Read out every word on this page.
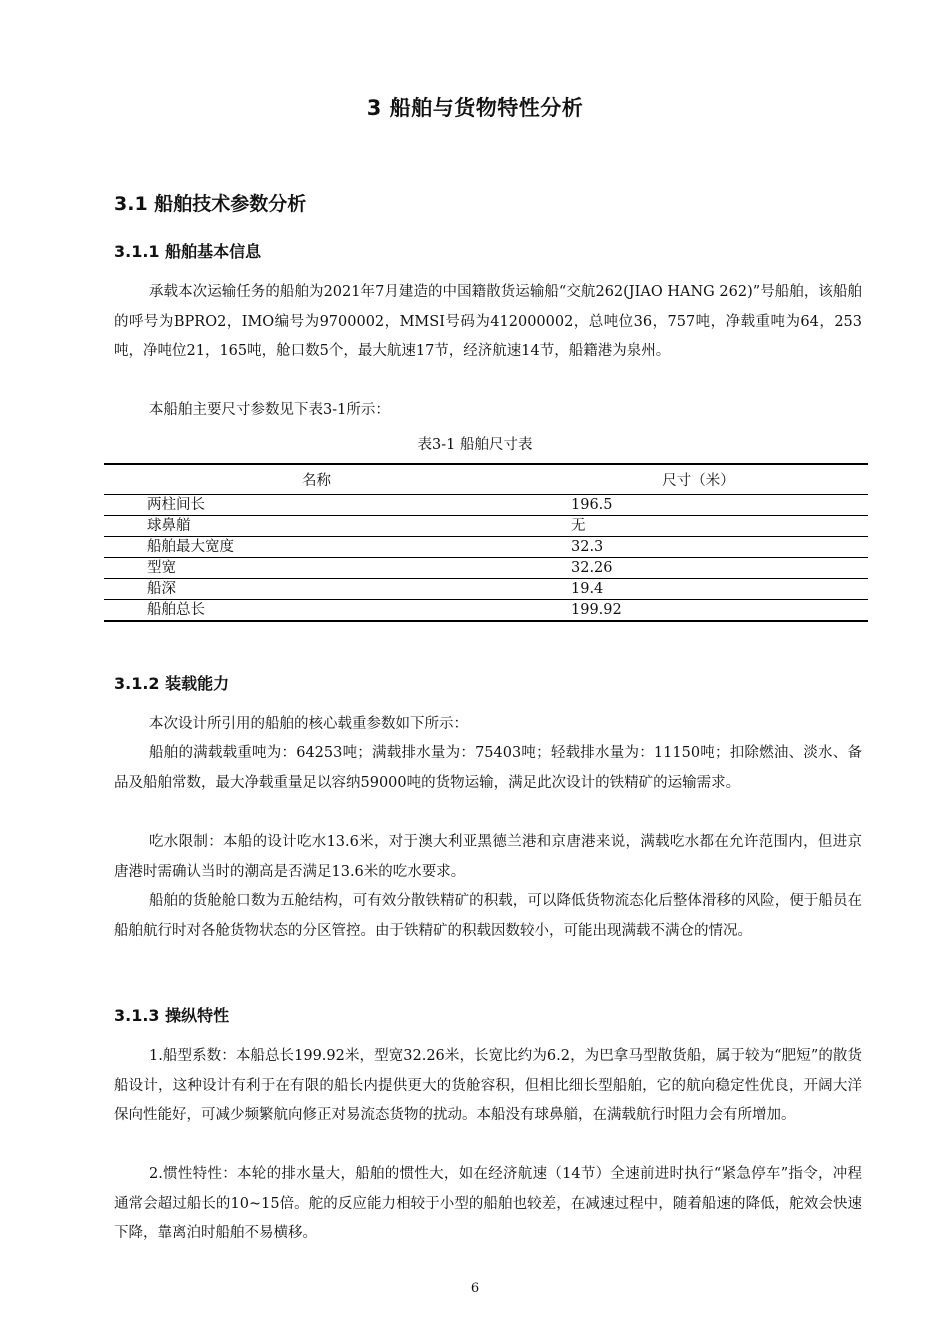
3 船舶与货物特性分析
3.1 船舶技术参数分析
3.1.1 船舶基本信息

承载本次运输任务的船舶为2021年7月建造的中国籍散货运输船“交航262(JIAO HANG 262)”号船舶，该船舶的呼号为BPRO2，IMO编号为9700002，MMSI号码为412000002，总吨位36，757吨，净载重吨为64，253吨，净吨位21，165吨，舱口数5个，最大航速17节，经济航速14节，船籍港为泉州。

本船舶主要尺寸参数见下表3-1所示：

表3-1 船舶尺寸表

名称	尺寸（米）
两柱间长	196.5
球鼻艏	无
船舶最大宽度	32.3
型宽	32.26
船深	19.4
船舶总长	199.92
3.1.2 装载能力

本次设计所引用的船舶的核心载重参数如下所示：

船舶的满载载重吨为：64253吨；满载排水量为：75403吨；轻载排水量为：11150吨；扣除燃油、淡水、备品及船舶常数，最大净载重量足以容纳59000吨的货物运输，满足此次设计的铁精矿的运输需求。

吃水限制：本船的设计吃水13.6米，对于澳大利亚黑德兰港和京唐港来说，满载吃水都在允许范围内，但进京唐港时需确认当时的潮高是否满足13.6米的吃水要求。

船舶的货舱舱口数为五舱结构，可有效分散铁精矿的积载，可以降低货物流态化后整体滑移的风险，便于船员在船舶航行时对各舱货物状态的分区管控。由于铁精矿的积载因数较小，可能出现满载不满仓的情况。

3.1.3 操纵特性

1.船型系数：本船总长199.92米，型宽32.26米，长宽比约为6.2，为巴拿马型散货船，属于较为“肥短”的散货船设计，这种设计有利于在有限的船长内提供更大的货舱容积，但相比细长型船舶，它的航向稳定性优良，开阔大洋保向性能好，可减少频繁航向修正对易流态货物的扰动。本船没有球鼻艏，在满载航行时阻力会有所增加。

2.惯性特性：本轮的排水量大，船舶的惯性大，如在经济航速（14节）全速前进时执行“紧急停车”指令，冲程通常会超过船长的10~15倍。舵的反应能力相较于小型的船舶也较差，在减速过程中，随着船速的降低，舵效会快速下降，靠离泊时船舶不易横移。

6
